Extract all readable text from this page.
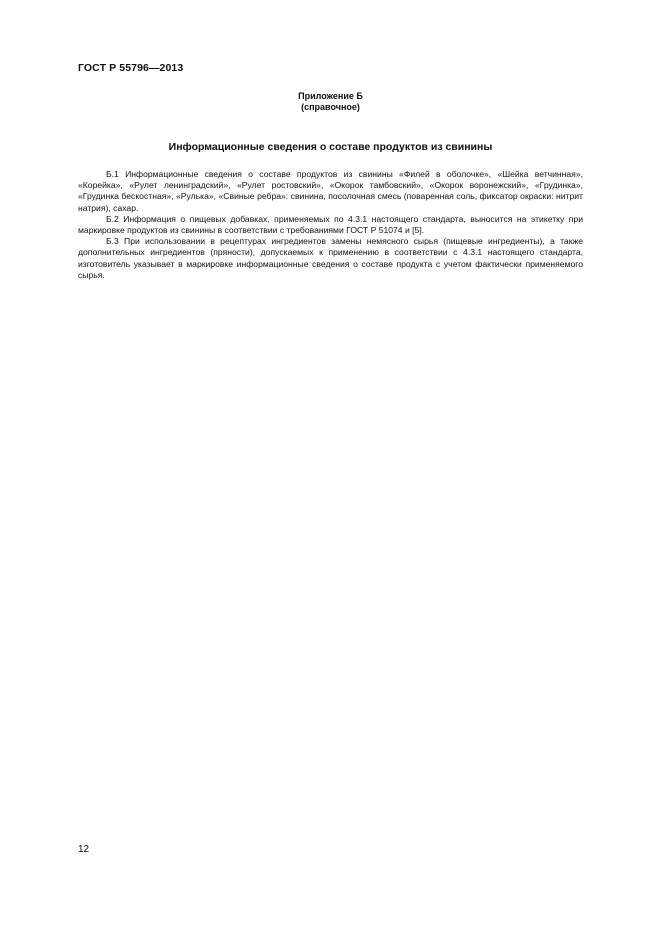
ГОСТ Р 55796—2013
Приложение Б
(справочное)
Информационные сведения о составе продуктов из свинины

Б.1 Информационные сведения о составе продуктов из свинины «Филей в оболочке», «Шейка ветчинная», «Корейка», «Рулет ленинградский», «Рулет ростовский», «Окорок тамбовский», «Окорок воронежский», «Грудинка», «Грудинка бескостная», «Рулька», «Свиные ребра»: свинина, посолочная смесь (поваренная соль, фиксатор окраски: нитрит натрия), сахар.

Б.2 Информация о пищевых добавках, применяемых по 4.3.1 настоящего стандарта, выносится на этикетку при маркировке продуктов из свинины в соответствии с требованиями ГОСТ Р 51074 и [5].

Б.3 При использовании в рецептурах ингредиентов замены немясного сырья (пищевые ингредиенты), а также дополнительных ингредиентов (пряности), допускаемых к применению в соответствии с 4.3.1 настоящего стандарта, изготовитель указывает в маркировке информационные сведения о составе продукта с учетом фактически применяемого сырья.

12
